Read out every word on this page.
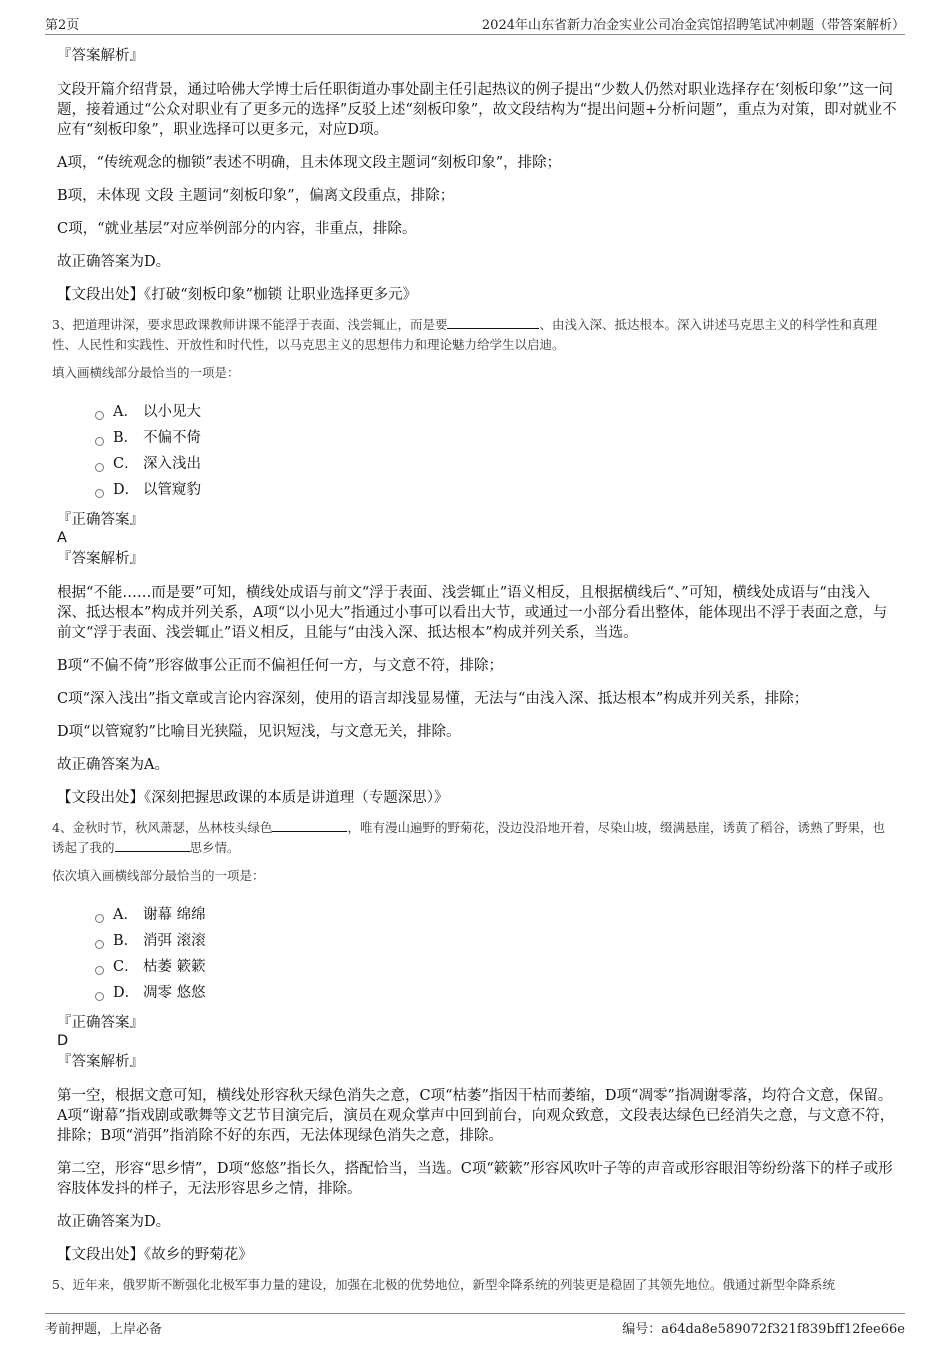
第2页	2024年山东省新力冶金实业公司冶金宾馆招聘笔试冲刺题（带答案解析）
『答案解析』

文段开篇介绍背景，通过哈佛大学博士后任职街道办事处副主任引起热议的例子提出“少数人仍然对职业选择存在‘刻板印象’”这一问题，接着通过“公众对职业有了更多元的选择”反驳上述“刻板印象”，故文段结构为“提出问题+分析问题”，重点为对策，即对就业不应有“刻板印象”，职业选择可以更多元，对应D项。

A项，“传统观念的枷锁”表述不明确，且未体现文段主题词“刻板印象”，排除；

B项，未体现 文段 主题词“刻板印象”，偏离文段重点，排除；

C项，“就业基层”对应举例部分的内容，非重点，排除。

故正确答案为D。

【文段出处】《打破“刻板印象”枷锁 让职业选择更多元》

3、把道理讲深，要求思政课教师讲课不能浮于表面、浅尝辄止，而是要	、由浅入深、抵达根本。深入讲述马克思主义的科学性和真理性、人民性和实践性、开放性和时代性，以马克思主义的思想伟力和理论魅力给学生以启迪。
填入画横线部分最恰当的一项是：
A． 以小见大
B． 不偏不倚
C． 深入浅出
D． 以管窥豹
『正确答案』
A
『答案解析』

根据“不能……而是要”可知，横线处成语与前文“浮于表面、浅尝辄止”语义相反，且根据横线后“、”可知，横线处成语与“由浅入深、抵达根本”构成并列关系，A项“以小见大”指通过小事可以看出大节，或通过一小部分看出整体，能体现出不浮于表面之意，与前文“浮于表面、浅尝辄止”语义相反，且能与“由浅入深、抵达根本”构成并列关系，当选。

B项“不偏不倚”形容做事公正而不偏袒任何一方，与文意不符，排除；

C项“深入浅出”指文章或言论内容深刻，使用的语言却浅显易懂，无法与“由浅入深、抵达根本”构成并列关系，排除；

D项“以管窥豹”比喻目光狭隘，见识短浅，与文意无关，排除。

故正确答案为A。

【文段出处】《深刻把握思政课的本质是讲道理（专题深思）》

4、金秋时节，秋风萧瑟，丛林枝头绿色	，唯有漫山遍野的野菊花，没边没沿地开着，尽染山坡，缀满悬崖，诱黄了稻谷，诱熟了野果，也诱起了我的	思乡情。
依次填入画横线部分最恰当的一项是：
A． 谢幕 绵绵
B． 消弭 滚滚
C． 枯萎 簌簌
D． 凋零 悠悠
『正确答案』
D
『答案解析』

第一空，根据文意可知，横线处形容秋天绿色消失之意，C项“枯萎”指因干枯而萎缩，D项“凋零”指凋谢零落，均符合文意，保留。A项“谢幕”指戏剧或歌舞等文艺节目演完后，演员在观众掌声中回到前台，向观众致意，文段表达绿色已经消失之意，与文意不符，排除；B项“消弭”指消除不好的东西，无法体现绿色消失之意，排除。

第二空，形容“思乡情”，D项“悠悠”指长久，搭配恰当，当选。C项“簌簌”形容风吹叶子等的声音或形容眼泪等纷纷落下的样子或形容肢体发抖的样子，无法形容思乡之情，排除。

故正确答案为D。

【文段出处】《故乡的野菊花》

5、近年来，俄罗斯不断强化北极军事力量的建设，加强在北极的优势地位，新型伞降系统的列装更是稳固了其领先地位。俄通过新型伞降系统
考前押题，上岸必备	编号：a64da8e589072f321f839bff12fee66e
